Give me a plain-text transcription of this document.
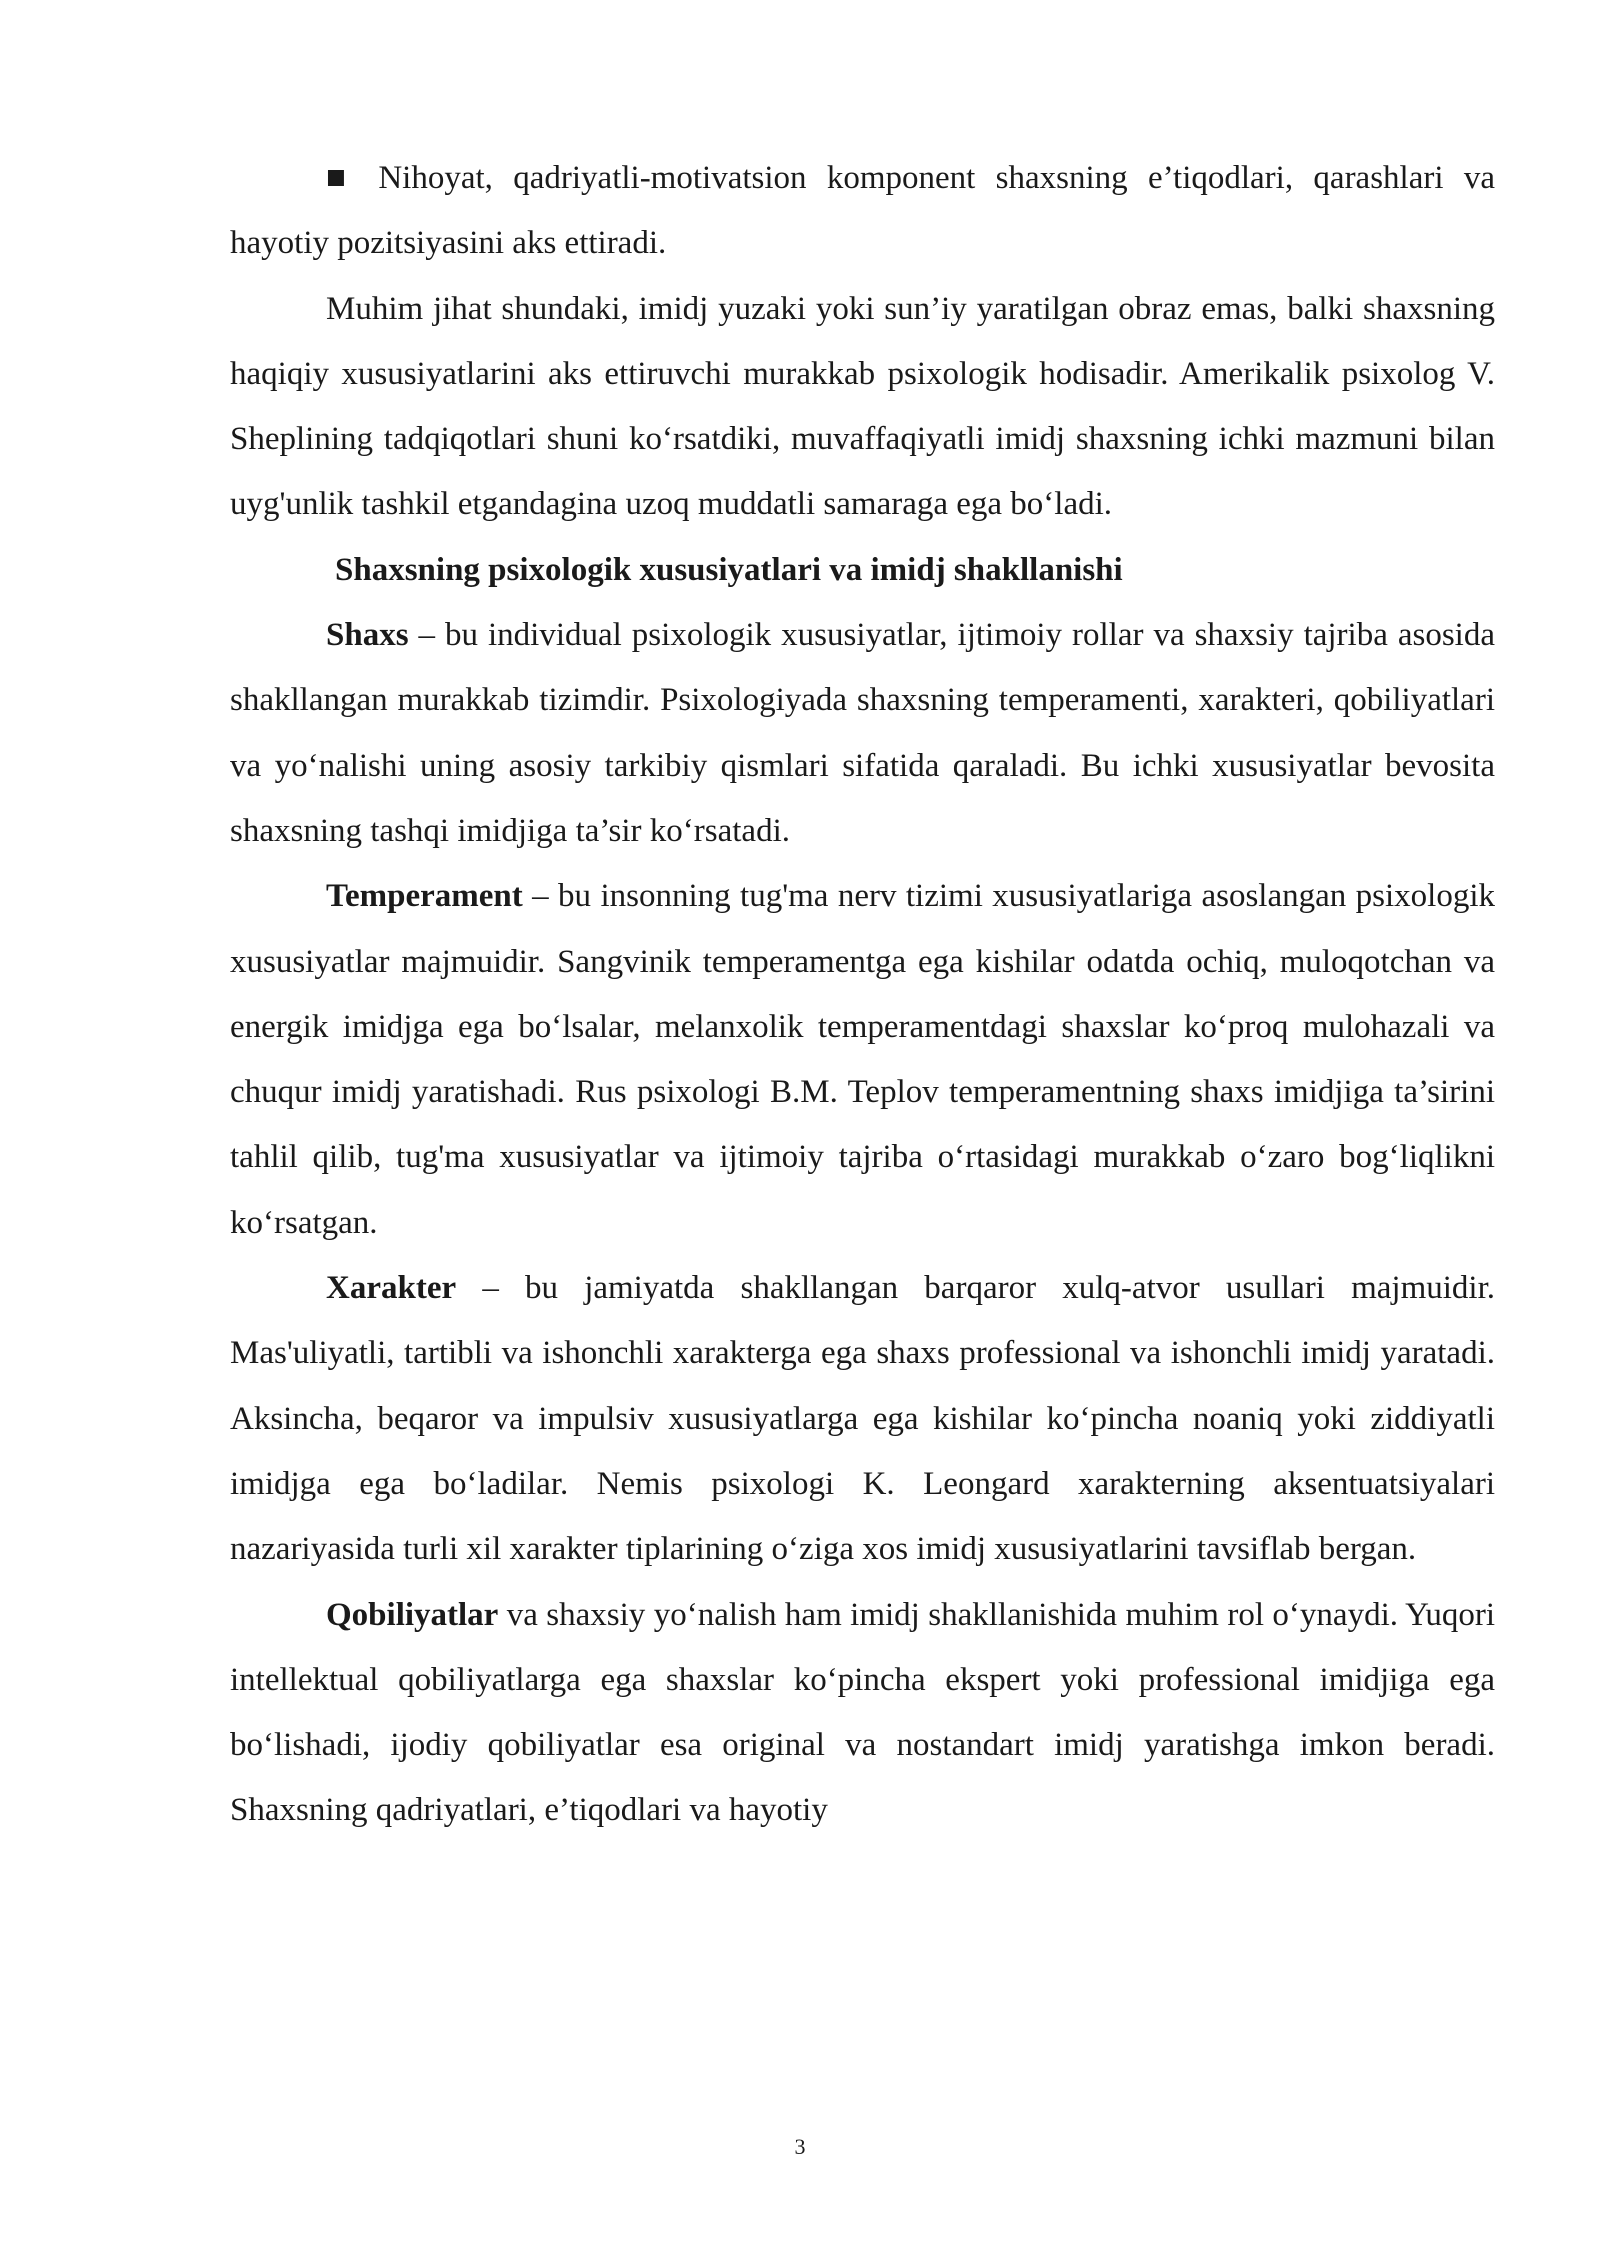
■ Nihoyat, qadriyatli-motivatsion komponent shaxsning e’tiqodlari, qarashlari va hayotiy pozitsiyasini aks ettiradi.

Muhim jihat shundaki, imidj yuzaki yoki sun’iy yaratilgan obraz emas, balki shaxsning haqiqiy xususiyatlarini aks ettiruvchi murakkab psixologik hodisadir. Amerikalik psixolog V. Sheplining tadqiqotlari shuni ko‘rsatdiki, muvaffaqiyatli imidj shaxsning ichki mazmuni bilan uyg'unlik tashkil etgandagina uzoq muddatli samaraga ega bo‘ladi.

Shaxsning psixologik xususiyatlari va imidj shakllanishi

Shaxs – bu individual psixologik xususiyatlar, ijtimoiy rollar va shaxsiy tajriba asosida shakllangan murakkab tizimdir. Psixologiyada shaxsning temperamenti, xarakteri, qobiliyatlari va yo‘nalishi uning asosiy tarkibiy qismlari sifatida qaraladi. Bu ichki xususiyatlar bevosita shaxsning tashqi imidjiga ta’sir ko‘rsatadi.

Temperament – bu insonning tug'ma nerv tizimi xususiyatlariga asoslangan psixologik xususiyatlar majmuidir. Sangvinik temperamentga ega kishilar odatda ochiq, muloqotchan va energik imidjga ega bo‘lsalar, melanxolik temperamentdagi shaxslar ko‘proq mulohazali va chuqur imidj yaratishadi. Rus psixologi B.M. Teplov temperamentning shaxs imidjiga ta’sirini tahlil qilib, tug'ma xususiyatlar va ijtimoiy tajriba o‘rtasidagi murakkab o‘zaro bog‘liqlikni ko‘rsatgan.

Xarakter – bu jamiyatda shakllangan barqaror xulq-atvor usullari majmuidir. Mas'uliyatli, tartibli va ishonchli xarakterga ega shaxs professional va ishonchli imidj yaratadi. Aksincha, beqaror va impulsiv xususiyatlarga ega kishilar ko‘pincha noaniq yoki ziddiyatli imidjga ega bo‘ladilar. Nemis psixologi K. Leongard xarakterning aksentuatsiyalari nazariyasida turli xil xarakter tiplarining o‘ziga xos imidj xususiyatlarini tavsiflab bergan.

Qobiliyatlar va shaxsiy yo‘nalish ham imidj shakllanishida muhim rol o‘ynaydi. Yuqori intellektual qobiliyatlarga ega shaxslar ko‘pincha ekspert yoki professional imidjiga ega bo‘lishadi, ijodiy qobiliyatlar esa original va nostandart imidj yaratishga imkon beradi. Shaxsning qadriyatlari, e’tiqodlari va hayotiy

3
